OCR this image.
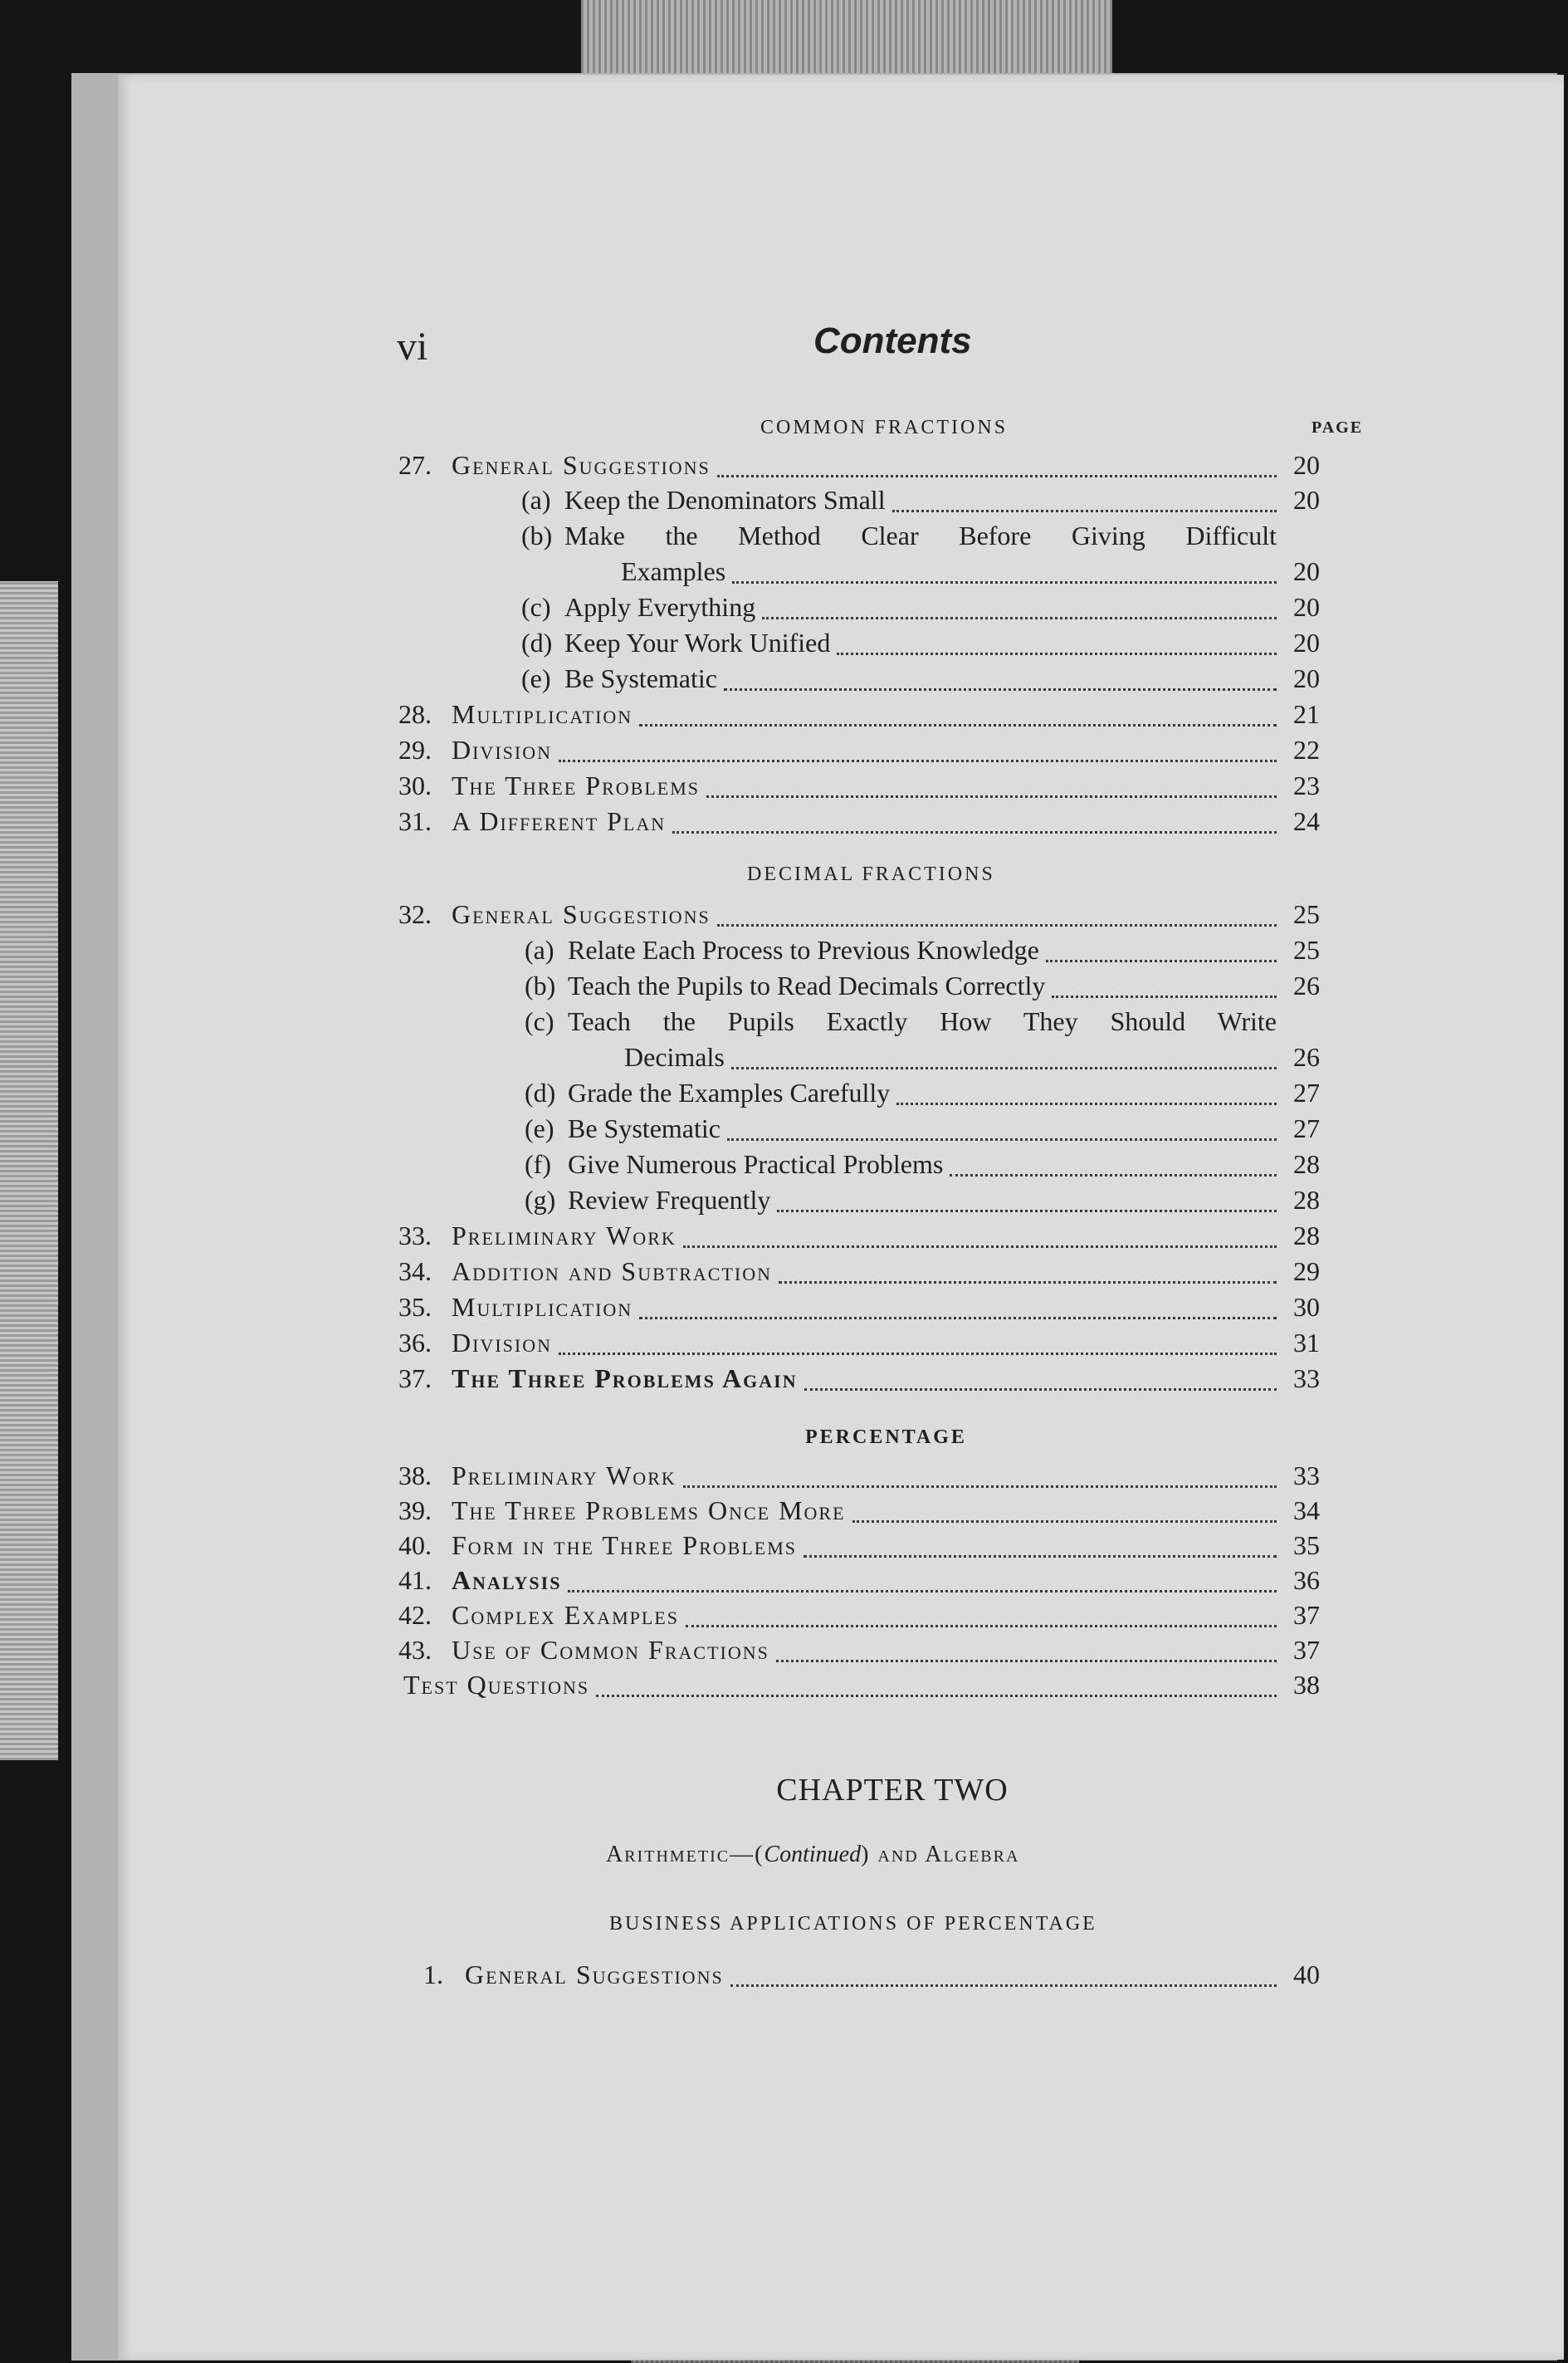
vi	Contents
COMMON FRACTIONS	PAGE
27. General Suggestions	20
(a) Keep the Denominators Small	20
(b) Make the Method Clear Before Giving Difficult
Examples	20
(c) Apply Everything	20
(d) Keep Your Work Unified	20
(e) Be Systematic	20
28. Multiplication	21
29. Division	22
30. The Three Problems	23
31. A Different Plan	24
DECIMAL FRACTIONS
32. General Suggestions	25
(a) Relate Each Process to Previous Knowledge	25
(b) Teach the Pupils to Read Decimals Correctly	26
(c) Teach the Pupils Exactly How They Should Write
Decimals	26
(d) Grade the Examples Carefully	27
(e) Be Systematic	27
(f) Give Numerous Practical Problems	28
(g) Review Frequently	28
33. Preliminary Work	28
34. Addition and Subtraction	29
35. Multiplication	30
36. Division	31
37. The Three Problems Again	33
PERCENTAGE
38. Preliminary Work	33
39. The Three Problems Once More	34
40. Form in the Three Problems	35
41. Analysis	36
42. Complex Examples	37
43. Use of Common Fractions	37
Test Questions	38
CHAPTER TWO
Arithmetic—(Continued) and Algebra
BUSINESS APPLICATIONS OF PERCENTAGE
1. General Suggestions	40
